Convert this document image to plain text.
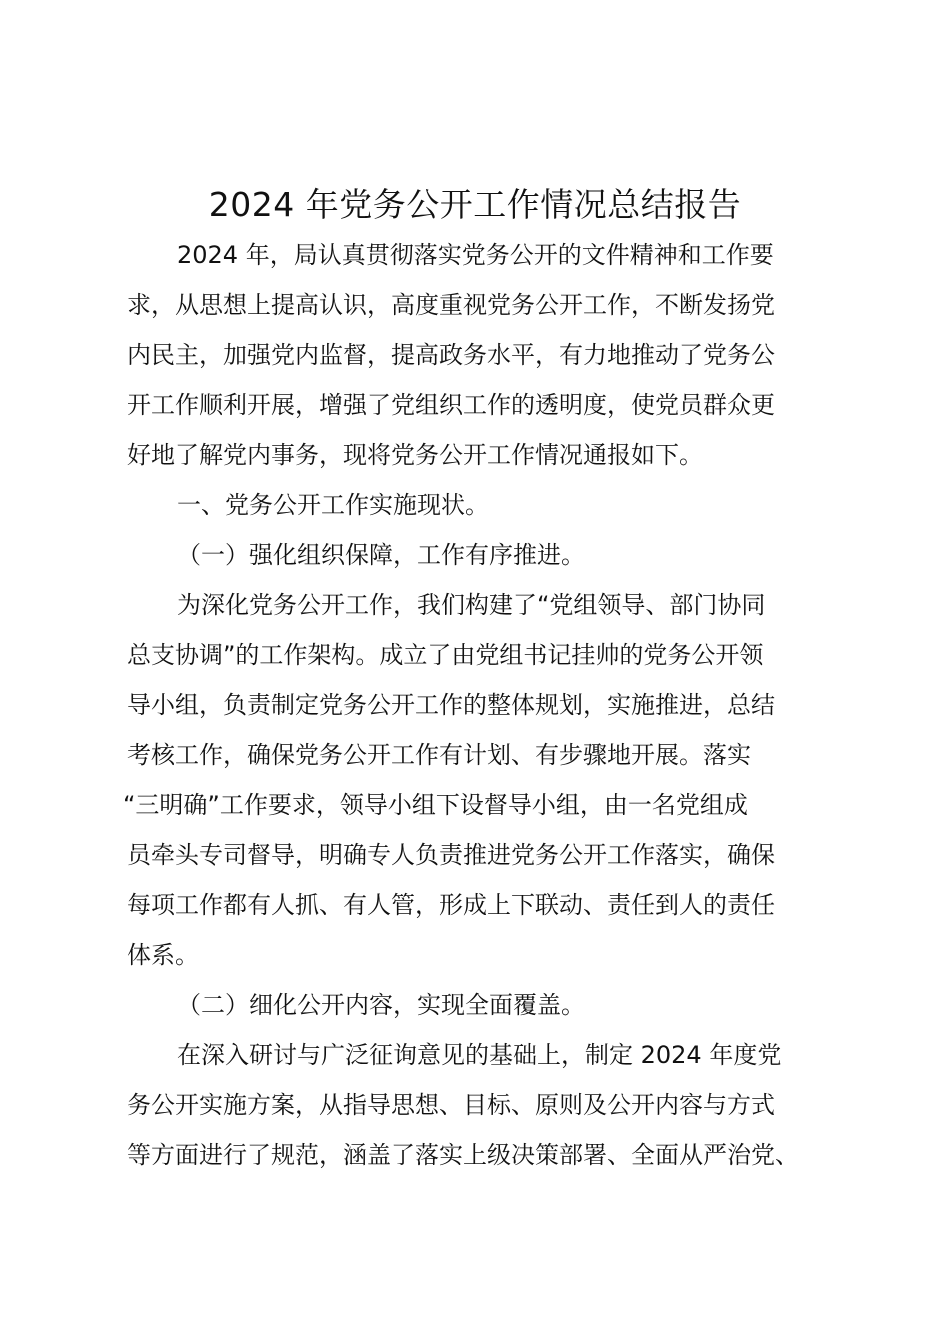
2024 年党务公开工作情况总结报告
2024 年，局认真贯彻落实党务公开的文件精神和工作要
求，从思想上提高认识，高度重视党务公开工作，不断发扬党
内民主，加强党内监督，提高政务水平，有力地推动了党务公
开工作顺利开展，增强了党组织工作的透明度，使党员群众更
好地了解党内事务，现将党务公开工作情况通报如下。
一、党务公开工作实施现状。
（一）强化组织保障，工作有序推进。
为深化党务公开工作，我们构建了“党组领导、部门协同
总支协调”的工作架构。成立了由党组书记挂帅的党务公开领
导小组，负责制定党务公开工作的整体规划，实施推进，总结
考核工作，确保党务公开工作有计划、有步骤地开展。落实
“三明确”工作要求，领导小组下设督导小组，由一名党组成
员牵头专司督导，明确专人负责推进党务公开工作落实，确保
每项工作都有人抓、有人管，形成上下联动、责任到人的责任
体系。
（二）细化公开内容，实现全面覆盖。
在深入研讨与广泛征询意见的基础上，制定 2024 年度党
务公开实施方案，从指导思想、目标、原则及公开内容与方式
等方面进行了规范，涵盖了落实上级决策部署、全面从严治党、
